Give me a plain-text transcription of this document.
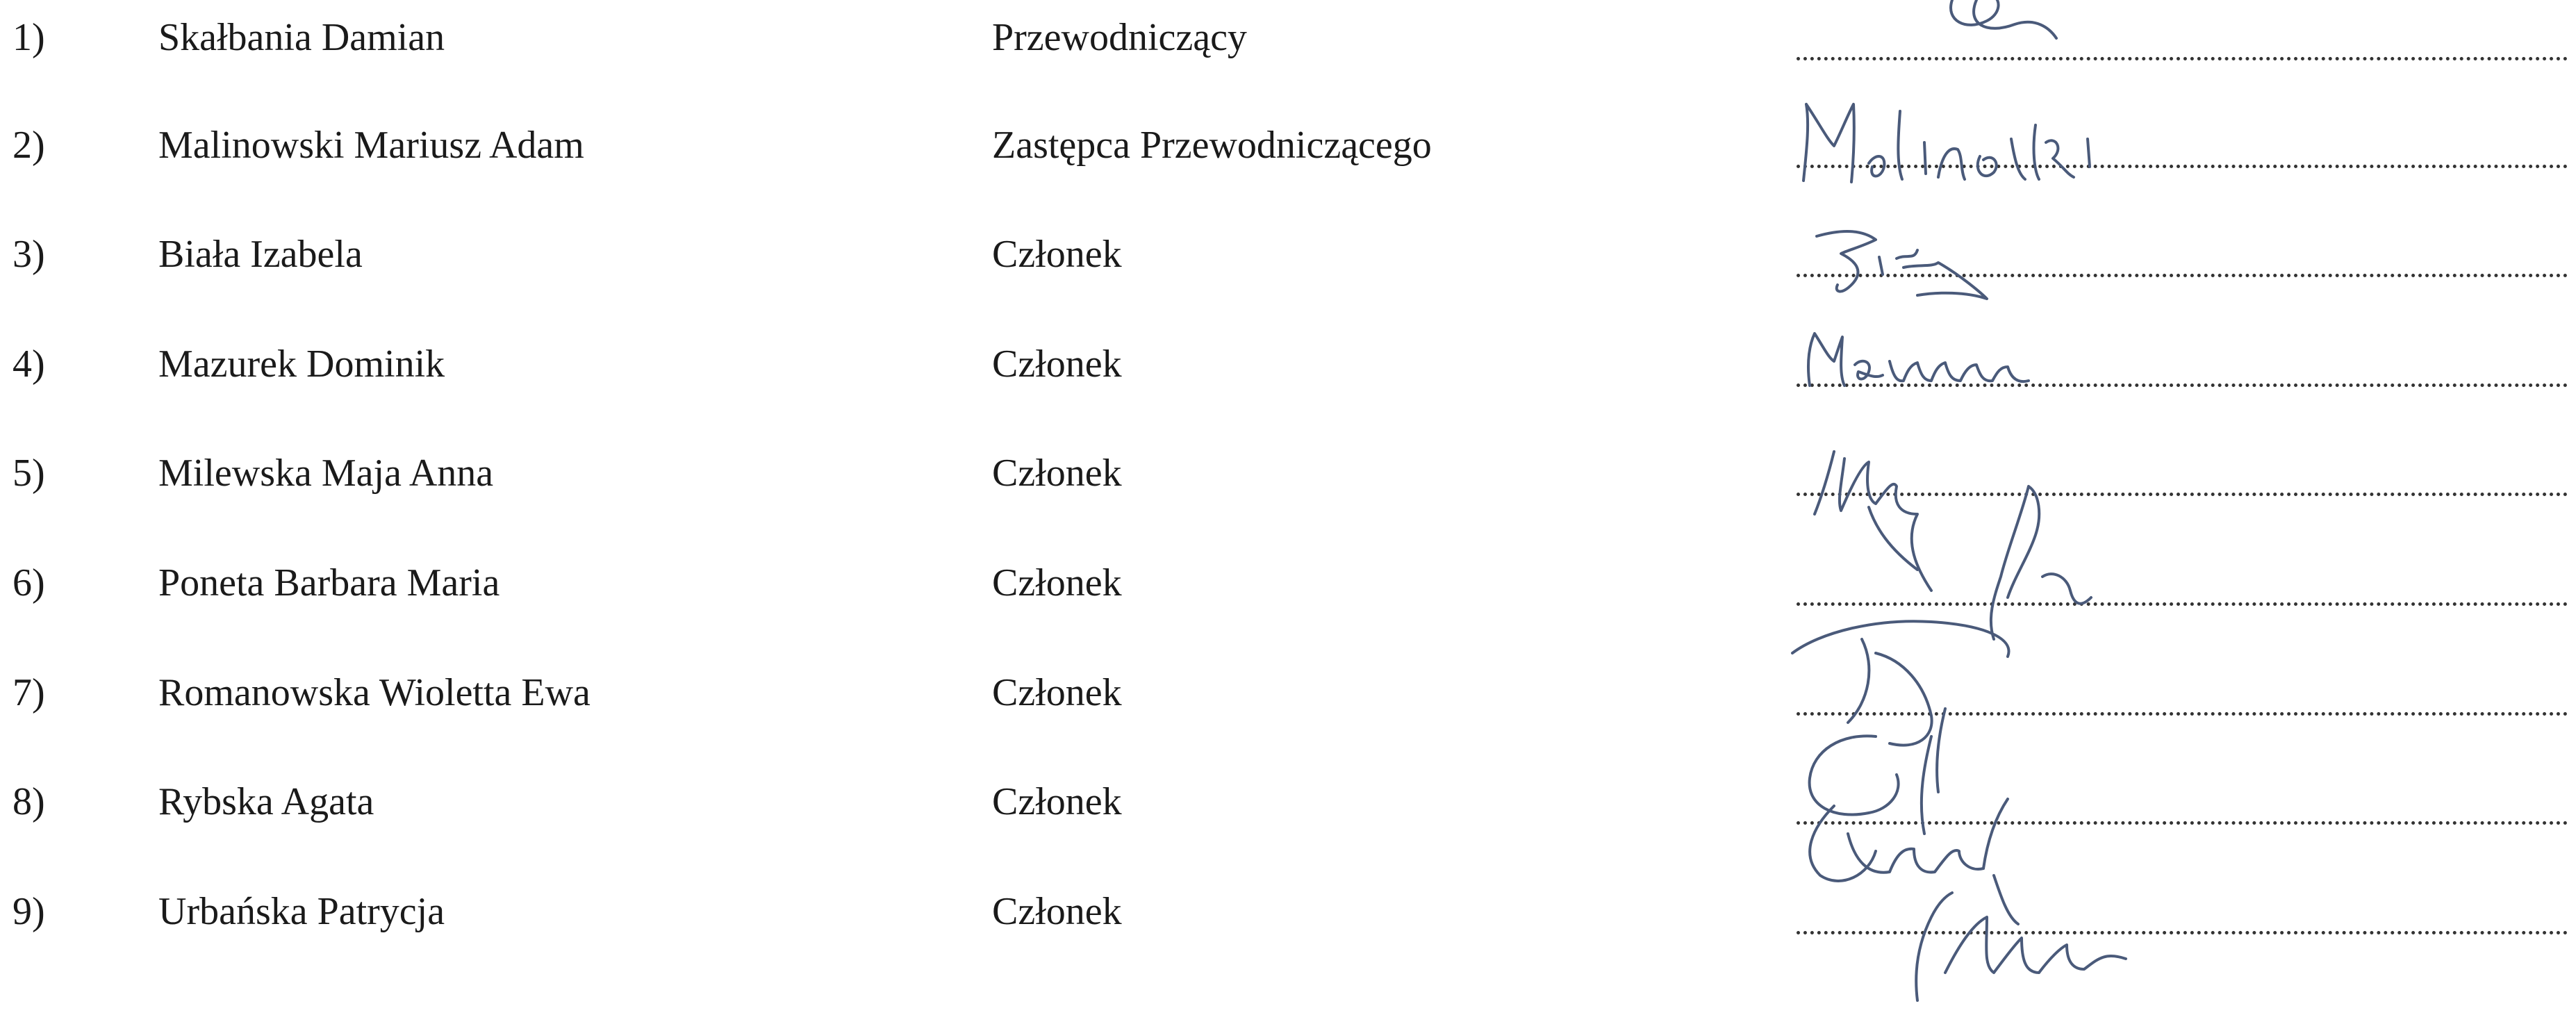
1)	Skałbania Damian	Przewodniczący
2)	Malinowski Mariusz Adam	Zastępca Przewodniczącego
3)	Biała Izabela	Członek
4)	Mazurek Dominik	Członek
5)	Milewska Maja Anna	Członek
6)	Poneta Barbara Maria	Członek
7)	Romanowska Wioletta Ewa	Członek
8)	Rybska Agata	Członek
9)	Urbańska Patrycja	Członek
